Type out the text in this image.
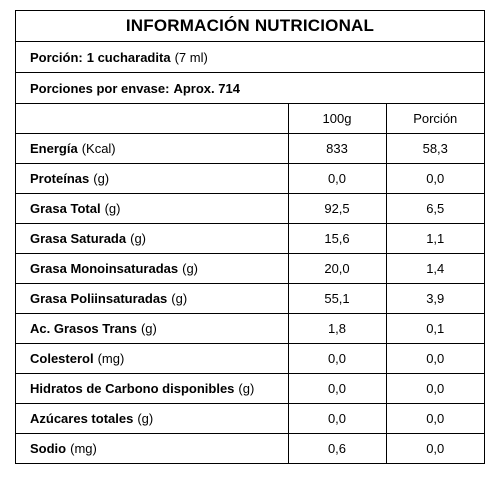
INFORMACIÓN NUTRICIONAL
Porción: 1 cucharadita (7 ml)
Porciones por envase: Aprox. 714
	100g	Porción
Energía (Kcal)	833	58,3
Proteínas (g)	0,0	0,0
Grasa Total (g)	92,5	6,5
Grasa Saturada (g)	15,6	1,1
Grasa Monoinsaturadas (g)	20,0	1,4
Grasa Poliinsaturadas (g)	55,1	3,9
Ac. Grasos Trans (g)	1,8	0,1
Colesterol (mg)	0,0	0,0
Hidratos de Carbono disponibles (g)	0,0	0,0
Azúcares totales (g)	0,0	0,0
Sodio (mg)	0,6	0,0
